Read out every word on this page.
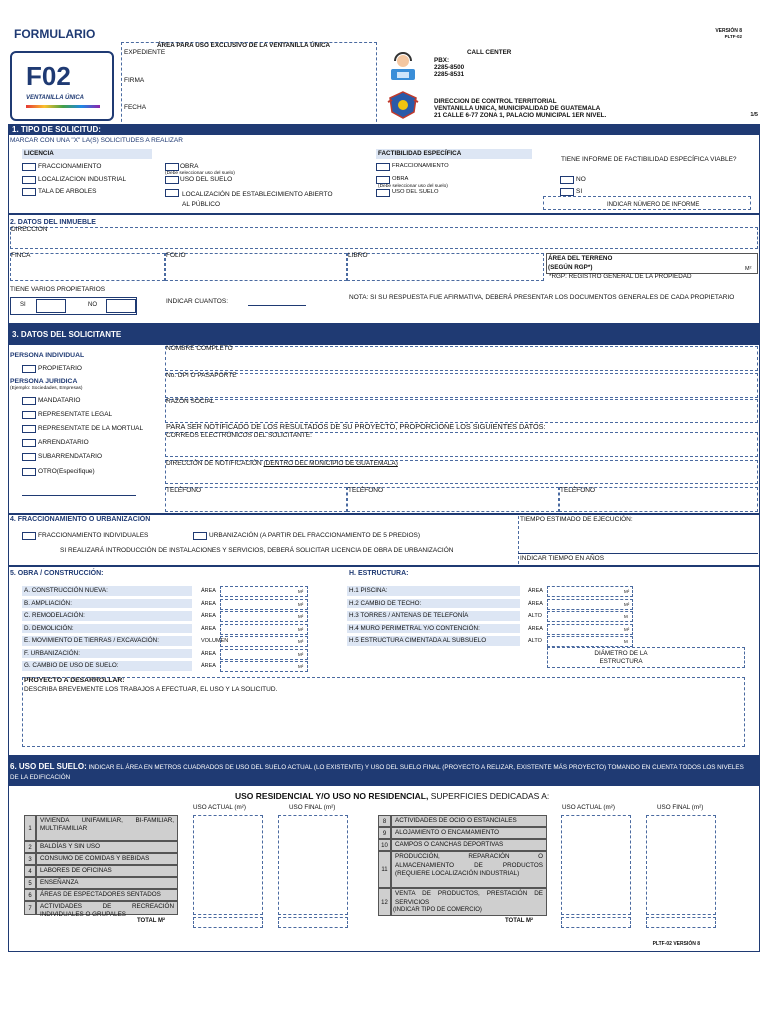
FORMULARIO
F02
VENTANILLA ÚNICA
VERSIÓN 8
PLTF-02
ÁREA PARA USO EXCLUSIVO DE LA VENTANILLA ÚNICA
EXPEDIENTE
FIRMA
FECHA
CALL CENTER
PBX:
2285-8500
2285-8531
DIRECCION DE CONTROL TERRITORIAL
VENTANILLA UNICA, MUNICIPALIDAD DE GUATEMALA
21 CALLE 6-77 ZONA 1, PALACIO MUNICIPAL 1ER NIVEL.	1/5
1. TIPO DE SOLICITUD:
MARCAR CON UNA "X" LA(S) SOLICITUDES A REALIZAR
LICENCIA
FRACCIONAMIENTO
LOCALIZACION INDUSTRIAL
TALA DE ARBOLES
OBRA
(Debe seleccionar uso del suelo)
USO DEL SUELO
LOCALIZACIÓN DE ESTABLECIMIENTO ABIERTO
AL PÚBLICO
FACTIBILIDAD ESPECÍFICA
FRACCIONAMIENTO
OBRA
(Debe seleccionar uso del suelo)
USO DEL SUELO
TIENE INFORME DE FACTIBILIDAD ESPECÍFICA VIABLE?
NO
SI
INDICAR NÚMERO DE INFORME
2. DATOS DEL INMUEBLE
DIRECCION
FINCA	FOLIO	LIBRO	ÁREA DEL TERRENO
(SEGÚN RGP*)	M²
*RGP: REGISTRO GENERAL DE LA PROPIEDAD
TIENE VARIOS PROPIETARIOS
SI	NO	INDICAR CUANTOS:
NOTA: SI SU RESPUESTA FUE AFIRMATIVA, DEBERÁ PRESENTAR LOS DOCUMENTOS GENERALES DE CADA PROPIETARIO
3. DATOS DEL SOLICITANTE
PERSONA INDIVIDUAL
PROPIETARIO
PERSONA JURIDICA
(Ejemplo: Sociedades, Empresas)
MANDATARIO
REPRESENTATE LEGAL
REPRESENTATE DE LA MORTUAL
ARRENDATARIO
SUBARRENDATARIO
OTRO(Especifique)
NOMBRE COMPLETO
No. DPI O PASAPORTE
RAZÓN SOCIAL
PARA SER NOTIFICADO DE LOS RESULTADOS DE SU PROYECTO, PROPORCIONE LOS SIGUIENTES DATOS:
CORREOS ELECTRÓNICOS DEL SOLICITANTE:
DIRECCIÓN DE NOTIFICACIÓN (DENTRO DEL MUNICIPIO DE GUATEMALA)
TELÉFONO	TELÉFONO	TELÉFONO
4. FRACCIONAMIENTO O URBANIZACIÓN
FRACCIONAMIENTO INDIVIDUALES	URBANIZACIÓN (A PARTIR DEL FRACCIONAMIENTO DE 5 PREDIOS)
SI REALIZARÁ INTRODUCCIÓN DE INSTALACIONES Y SERVICIOS, DEBERÁ SOLICITAR LICENCIA DE OBRA DE URBANIZACIÓN
TIEMPO ESTIMADO DE EJECUCIÓN:
INDICAR TIEMPO EN AÑOS
5. OBRA / CONSTRUCCIÓN:	H. ESTRUCTURA:
A. CONSTRUCCIÓN NUEVA:	ÁREA	M²
B. AMPLIACIÓN:	ÁREA	M²
C. REMODELACIÓN:	ÁREA	M²
D. DEMOLICIÓN:	ÁREA	M²
E. MOVIMIENTO DE TIERRAS / EXCAVACIÓN:	VOLUMEN	M³
F. URBANIZACIÓN:	ÁREA	M²
G. CAMBIO DE USO DE SUELO:	ÁREA	M²
H.1 PISCINA:	ÁREA	M²
H.2 CAMBIO DE TECHO:	ÁREA	M²
H.3 TORRES / ANTENAS DE TELEFONÍA	ALTO	M
H.4 MURO PERIMETRAL Y/O CONTENCIÓN:	ÁREA	M²
H.5 ESTRUCTURA CIMENTADA AL SUBSUELO	ALTO	M
DIÁMETRO DE LA ESTRUCTURA
PROYECTO A DESARROLLAR:
DESCRIBA BREVEMENTE LOS TRABAJOS A EFECTUAR, EL USO Y LA SOLICITUD.
6. USO DEL SUELO: INDICAR EL ÁREA EN METROS CUADRADOS DE USO DEL SUELO ACTUAL (LO EXISTENTE) Y USO DEL SUELO FINAL (PROYECTO A RELIZAR, EXISTENTE MÁS PROYECTO) TOMANDO EN CUENTA TODOS LOS NIVELES DE LA EDIFICACIÓN
USO RESIDENCIAL Y/O USO NO RESIDENCIAL, SUPERFICIES DEDICADAS A:
USO ACTUAL (m²)	USO FINAL (m²)	USO ACTUAL (m²)	USO FINAL (m²)
1
VIVIENDA UNIFAMILIAR, BI-FAMILIAR, MULTIFAMILIAR
2	BALDÍAS Y SIN USO
3	CONSUMO DE COMIDAS Y BEBIDAS
4	LABORES DE OFICINAS
5	ENSEÑANZA
6	ÁREAS DE ESPECTADORES SENTADOS
7	ACTIVIDADES DE RECREACIÓN INDIVIDUALES O GRUPALES
8	ACTIVIDADES DE OCIO O ESTANCIALES
9	ALOJAMIENTO O ENCAMAMIENTO
10	CAMPOS O CANCHAS DEPORTIVAS
11
PRODUCCIÓN, REPARACIÓN O ALMACENAMIENTO DE PRODUCTOS (REQUIERE LOCALIZACIÓN INDUSTRIAL)
12
VENTA DE PRODUCTOS, PRESTACIÓN DE SERVICIOS
(INDICAR TIPO DE COMERCIO)
TOTAL M²	TOTAL M²
PLTF-02 VERSIÓN 8
